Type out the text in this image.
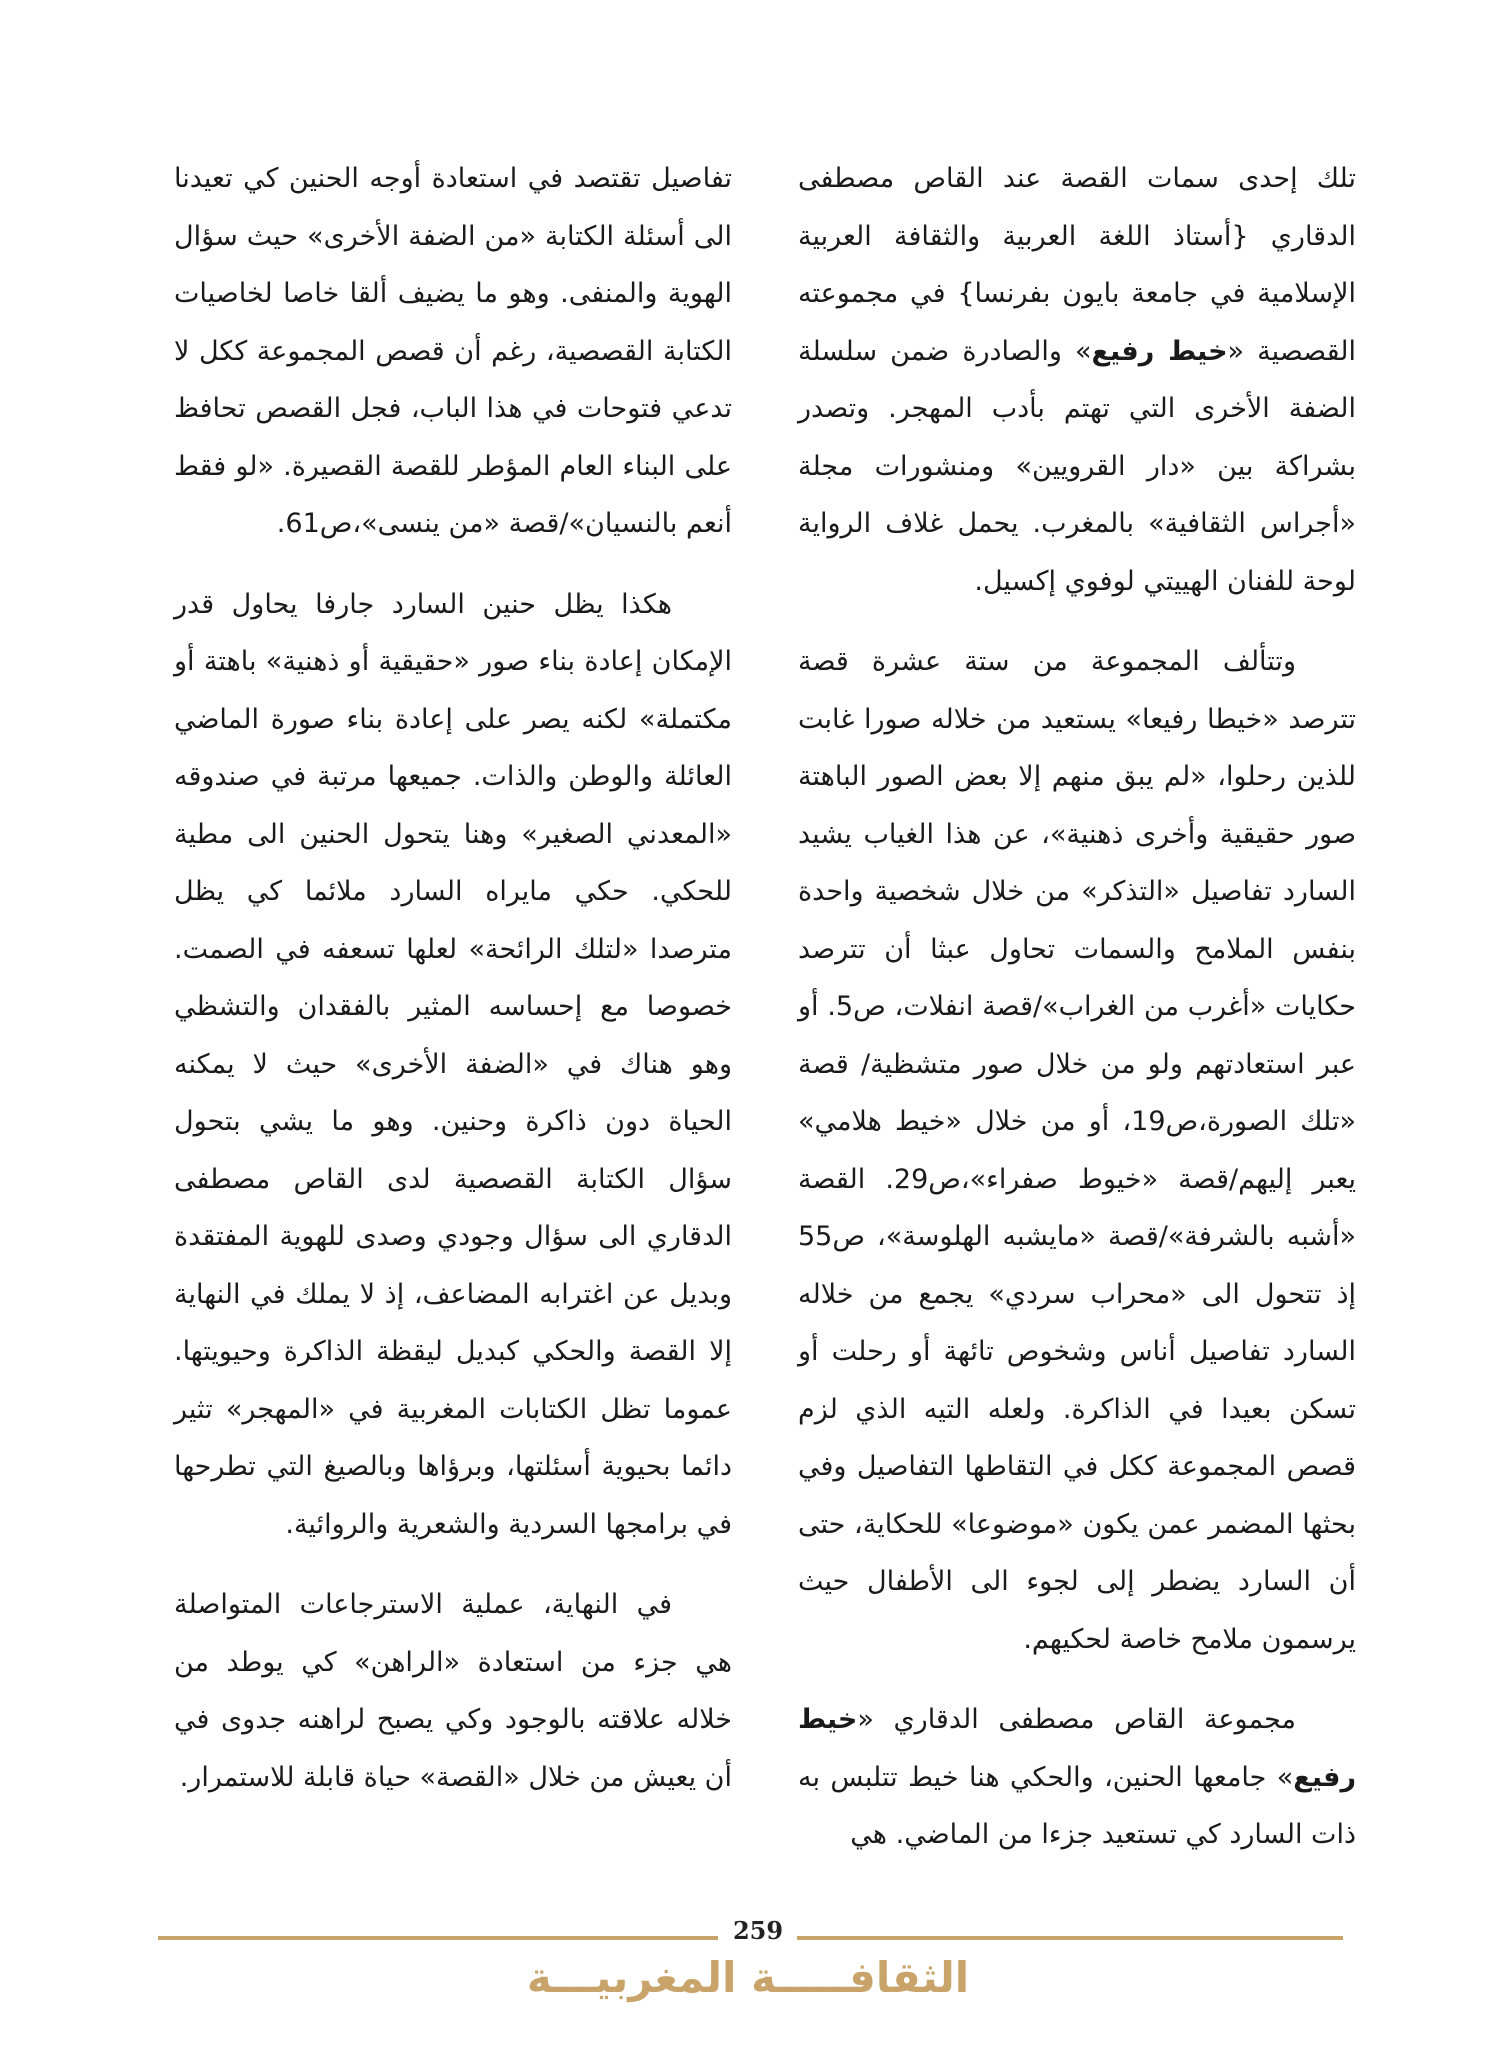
تلك إحدى سمات القصة عند القاص مصطفى الدقاري {أستاذ اللغة العربية والثقافة العربية الإسلامية في جامعة بايون بفرنسا} في مجموعته القصصية «خيط رفيع» والصادرة ضمن سلسلة الضفة الأخرى التي تهتم بأدب المهجر. وتصدر بشراكة بين «دار القرويين» ومنشورات مجلة «أجراس الثقافية» بالمغرب. يحمل غلاف الرواية لوحة للفنان الهييتي لوفوي إكسيل.

وتتألف المجموعة من ستة عشرة قصة تترصد «خيطا رفيعا» يستعيد من خلاله صورا غابت للذين رحلوا، «لم يبق منهم إلا بعض الصور الباهتة صور حقيقية وأخرى ذهنية»، عن هذا الغياب يشيد السارد تفاصيل «التذكر» من خلال شخصية واحدة بنفس الملامح والسمات تحاول عبثا أن تترصد حكايات «أغرب من الغراب»/قصة انفلات، ص5. أو عبر استعادتهم ولو من خلال صور متشظية/ قصة «تلك الصورة،ص19، أو من خلال «خيط هلامي» يعبر إليهم/قصة «خيوط صفراء»،ص29. القصة «أشبه بالشرفة»/قصة «مايشبه الهلوسة»، ص55 إذ تتحول الى «محراب سردي» يجمع من خلاله السارد تفاصيل أناس وشخوص تائهة أو رحلت أو تسكن بعيدا في الذاكرة. ولعله التيه الذي لزم قصص المجموعة ككل في التقاطها التفاصيل وفي بحثها المضمر عمن يكون «موضوعا» للحكاية، حتى أن السارد يضطر إلى لجوء الى الأطفال حيث يرسمون ملامح خاصة لحكيهم.

مجموعة القاص مصطفى الدقاري «خيط رفيع» جامعها الحنين، والحكي هنا خيط تتلبس به ذات السارد كي تستعيد جزءا من الماضي. هي

تفاصيل تقتصد في استعادة أوجه الحنين كي تعيدنا الى أسئلة الكتابة «من الضفة الأخرى» حيث سؤال الهوية والمنفى. وهو ما يضيف ألقا خاصا لخاصيات الكتابة القصصية، رغم أن قصص المجموعة ككل لا تدعي فتوحات في هذا الباب، فجل القصص تحافظ على البناء العام المؤطر للقصة القصيرة. «لو فقط أنعم بالنسيان»/قصة «من ينسى»،ص61.

هكذا يظل حنين السارد جارفا يحاول قدر الإمكان إعادة بناء صور «حقيقية أو ذهنية» باهتة أو مكتملة» لكنه يصر على إعادة بناء صورة الماضي العائلة والوطن والذات. جميعها مرتبة في صندوقه «المعدني الصغير» وهنا يتحول الحنين الى مطية للحكي. حكي مايراه السارد ملائما كي يظل مترصدا «لتلك الرائحة» لعلها تسعفه في الصمت. خصوصا مع إحساسه المثير بالفقدان والتشظي وهو هناك في «الضفة الأخرى» حيث لا يمكنه الحياة دون ذاكرة وحنين. وهو ما يشي بتحول سؤال الكتابة القصصية لدى القاص مصطفى الدقاري الى سؤال وجودي وصدى للهوية المفتقدة وبديل عن اغترابه المضاعف، إذ لا يملك في النهاية إلا القصة والحكي كبديل ليقظة الذاكرة وحيويتها. عموما تظل الكتابات المغربية في «المهجر» تثير دائما بحيوية أسئلتها، وبرؤاها وبالصيغ التي تطرحها في برامجها السردية والشعرية والروائية.

في النهاية، عملية الاسترجاعات المتواصلة هي جزء من استعادة «الراهن» كي يوطد من خلاله علاقته بالوجود وكي يصبح لراهنه جدوى في أن يعيش من خلال «القصة» حياة قابلة للاستمرار.

259
الثقافـــــة المغربيـــة
